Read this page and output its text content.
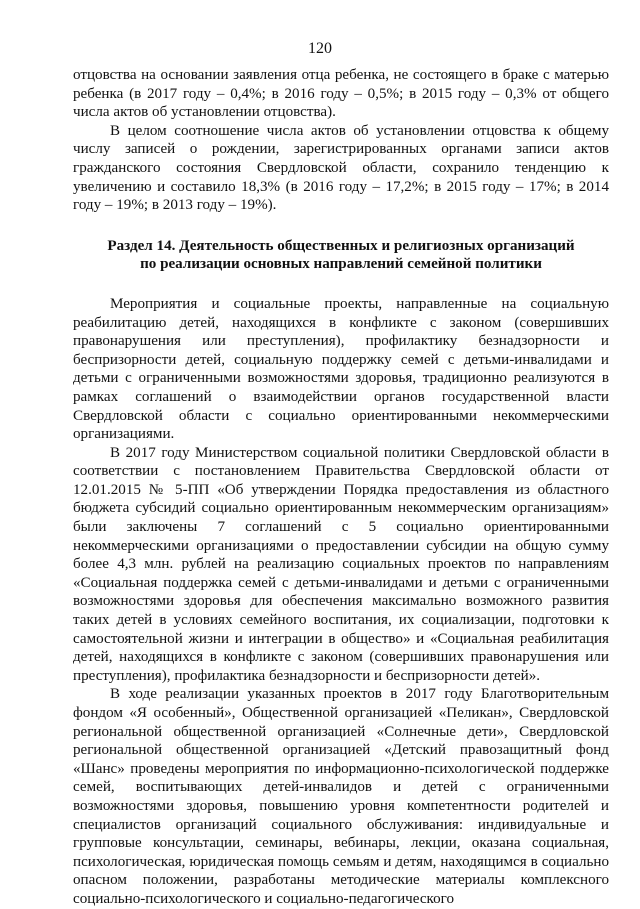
120

отцовства на основании заявления отца ребенка, не состоящего в браке с матерью ребенка (в 2017 году – 0,4%; в 2016 году – 0,5%; в 2015 году – 0,3% от общего числа актов об установлении отцовства).

В целом соотношение числа актов об установлении отцовства к общему числу записей о рождении, зарегистрированных органами записи актов гражданского состояния Свердловской области, сохранило тенденцию к увеличению и составило 18,3% (в 2016 году – 17,2%; в 2015 году – 17%; в 2014 году – 19%; в 2013 году – 19%).

Раздел 14. Деятельность общественных и религиозных организаций по реализации основных направлений семейной политики

Мероприятия и социальные проекты, направленные на социальную реабилитацию детей, находящихся в конфликте с законом (совершивших правонарушения или преступления), профилактику безнадзорности и беспризорности детей, социальную поддержку семей с детьми-инвалидами и детьми с ограниченными возможностями здоровья, традиционно реализуются в рамках соглашений о взаимодействии органов государственной власти Свердловской области с социально ориентированными некоммерческими организациями.

В 2017 году Министерством социальной политики Свердловской области в соответствии с постановлением Правительства Свердловской области от 12.01.2015 № 5-ПП «Об утверждении Порядка предоставления из областного бюджета субсидий социально ориентированным некоммерческим организациям» были заключены 7 соглашений с 5 социально ориентированными некоммерческими организациями о предоставлении субсидии на общую сумму более 4,3 млн. рублей на реализацию социальных проектов по направлениям «Социальная поддержка семей с детьми-инвалидами и детьми с ограниченными возможностями здоровья для обеспечения максимально возможного развития таких детей в условиях семейного воспитания, их социализации, подготовки к самостоятельной жизни и интеграции в общество» и «Социальная реабилитация детей, находящихся в конфликте с законом (совершивших правонарушения или преступления), профилактика безнадзорности и беспризорности детей».

В ходе реализации указанных проектов в 2017 году Благотворительным фондом «Я особенный», Общественной организацией «Пеликан», Свердловской региональной общественной организацией «Солнечные дети», Свердловской региональной общественной организацией «Детский правозащитный фонд «Шанс» проведены мероприятия по информационно-психологической поддержке семей, воспитывающих детей-инвалидов и детей с ограниченными возможностями здоровья, повышению уровня компетентности родителей и специалистов организаций социального обслуживания: индивидуальные и групповые консультации, семинары, вебинары, лекции, оказана социальная, психологическая, юридическая помощь семьям и детям, находящимся в социально опасном положении, разработаны методические материалы комплексного социально-психологического и социально-педагогического
